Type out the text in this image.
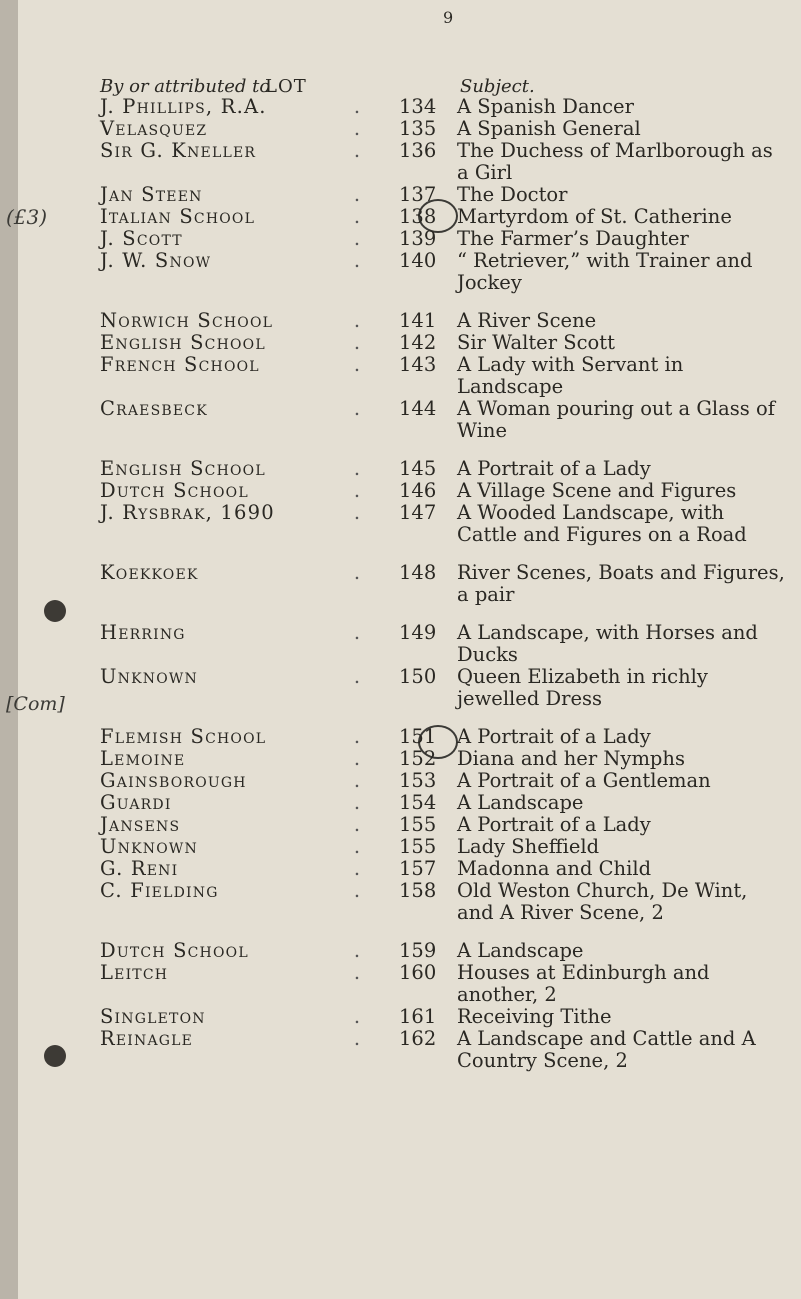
9
By or attributed to
LOT	Subject.
(£3)
[Com]
J. Phillips, R.A.	.	134	A Spanish Dancer
Velasquez	.	135	A Spanish General
Sir G. Kneller	.	136	The Duchess of Marlborough as a Girl
Jan Steen	.	137	The Doctor
Italian School	.	138	Martyrdom of St. Catherine
J. Scott	.	139	The Farmer’s Daughter
J. W. Snow	.	140	“ Retriever,” with Trainer and Jockey
Norwich School	.	141	A River Scene
English School	.	142	Sir Walter Scott
French School	.	143	A Lady with Servant in Landscape
Craesbeck	.	144	A Woman pouring out a Glass of Wine
English School	.	145	A Portrait of a Lady
Dutch School	.	146	A Village Scene and Figures
J. Rysbrak, 1690	.	147	A Wooded Landscape, with Cattle and Figures on a Road
Koekkoek	.	148	River Scenes, Boats and Figures, a pair
Herring	.	149	A Landscape, with Horses and Ducks
Unknown	.	150	Queen Elizabeth in richly jewelled Dress
Flemish School	.	151	A Portrait of a Lady
Lemoine	.	152	Diana and her Nymphs
Gainsborough	.	153	A Portrait of a Gentleman
Guardi	.	154	A Landscape
Jansens	.	155	A Portrait of a Lady
Unknown	.	155	Lady Sheffield
G. Reni	.	157	Madonna and Child
C. Fielding	.	158	Old Weston Church, De Wint, and A River Scene, 2
Dutch School	.	159	A Landscape
Leitch	.	160	Houses at Edinburgh and another, 2
Singleton	.	161	Receiving Tithe
Reinagle	.	162	A Landscape and Cattle and A Country Scene, 2
